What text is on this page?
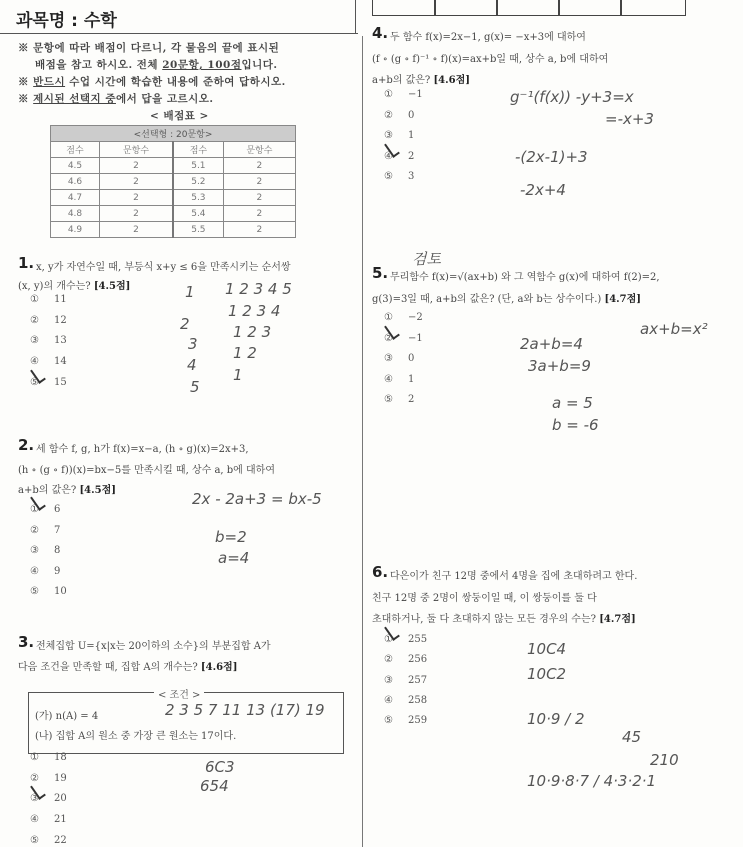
과목명 : 수학
※ 문항에 따라 배점이 다르니, 각 물음의 끝에 표시된
배점을 참고 하시오. 전체 20문항, 100점입니다.
※ 반드시 수업 시간에 학습한 내용에 준하여 답하시오.
※ 제시된 선택지 중에서 답을 고르시오.
< 배점표 >
<선택형 : 20문항>			
점수	문항수	점수	문항수
4.5	2	5.1	2
4.6	2	5.2	2
4.7	2	5.3	2
4.8	2	5.4	2
4.9	2	5.5	2
1. x, y가 자연수일 때, 부등식 x+y ≤ 6을 만족시키는 순서쌍
(x, y)의 개수는? [4.5점]
① 11
② 12
③ 13
④ 14
⑤ 15
1
2
3
4
5
1 2 3 4 5
1 2 3 4
1 2 3
1 2
1
2. 세 함수 f, g, h가 f(x)=x−a, (h ∘ g)(x)=2x+3,
(h ∘ (g ∘ f))(x)=bx−5를 만족시킬 때, 상수 a, b에 대하여
a+b의 값은? [4.5점]
① 6
② 7
③ 8
④ 9
⑤ 10
2x - 2a+3 = bx-5
b=2
a=4
3. 전체집합 U={x|x는 20이하의 소수}의 부분집합 A가
다음 조건을 만족할 때, 집합 A의 개수는? [4.6점]
< 조건 >
(가) n(A) = 4
(나) 집합 A의 원소 중 가장 큰 원소는 17이다.
① 18
② 19
③ 20
④ 21
⑤ 22
2 3 5 7 11 13 (17) 19
6C3
654
4. 두 함수 f(x)=2x−1, g(x)= −x+3에 대하여
(f ∘ (g ∘ f)⁻¹ ∘ f)(x)=ax+b일 때, 상수 a, b에 대하여
a+b의 값은? [4.6점]
① −1
② 0
③ 1
④ 2
⑤ 3
g⁻¹(f(x)) -y+3=x
=-x+3
-(2x-1)+3
-2x+4
5. 무리함수 f(x)=√(ax+b) 와 그 역함수 g(x)에 대하여 f(2)=2,
g(3)=3일 때, a+b의 값은? (단, a와 b는 상수이다.) [4.7점]
① −2
② −1
③ 0
④ 1
⑤ 2
검토
ax+b=x²
2a+b=4
3a+b=9
a = 5
b = -6
6. 다은이가 친구 12명 중에서 4명을 집에 초대하려고 한다.
친구 12명 중 2명이 쌍둥이일 때, 이 쌍둥이를 둘 다
초대하거나, 둘 다 초대하지 않는 모든 경우의 수는? [4.7점]
① 255
② 256
③ 257
④ 258
⑤ 259
10C4
10C2
10·9 / 2
45
210
10·9·8·7 / 4·3·2·1
